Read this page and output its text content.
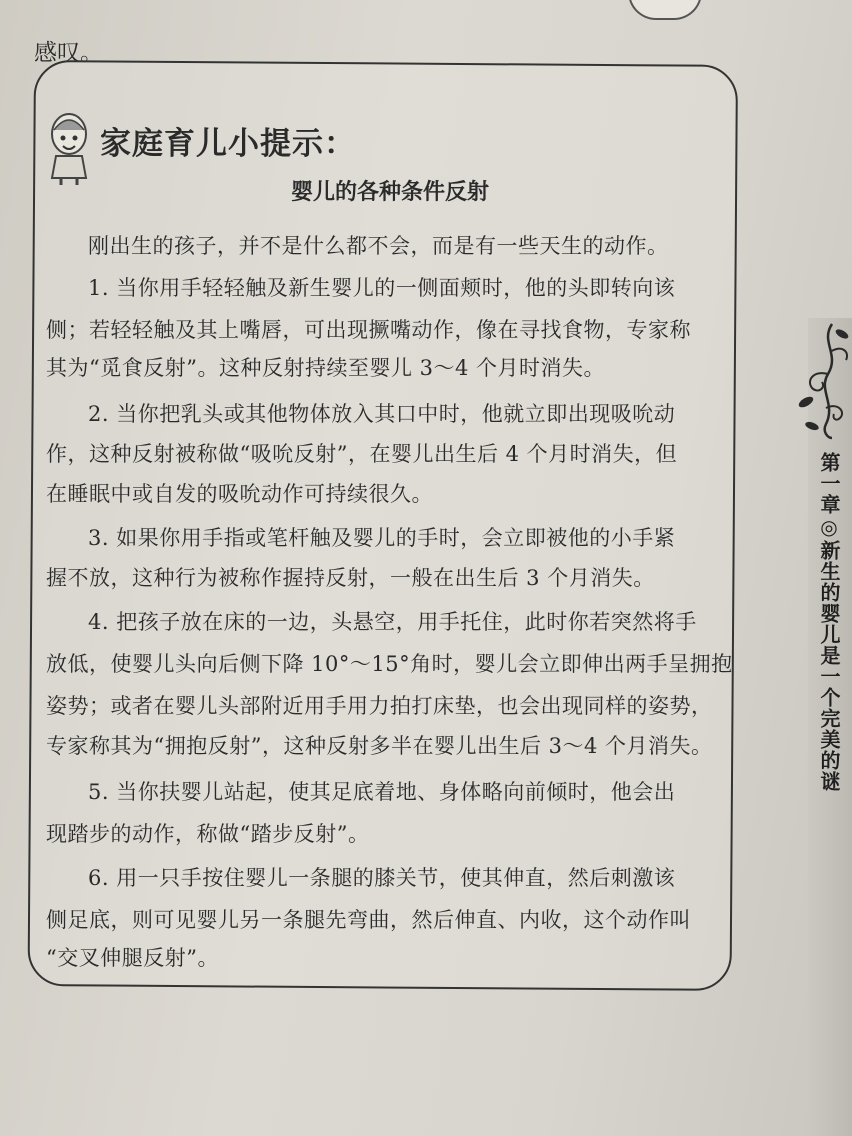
感叹。
家庭育儿小提示：
婴儿的各种条件反射
刚出生的孩子，并不是什么都不会，而是有一些天生的动作。
1. 当你用手轻轻触及新生婴儿的一侧面颊时，他的头即转向该
侧；若轻轻触及其上嘴唇，可出现撅嘴动作，像在寻找食物，专家称
其为“觅食反射”。这种反射持续至婴儿 3～4 个月时消失。
2. 当你把乳头或其他物体放入其口中时，他就立即出现吸吮动
作，这种反射被称做“吸吮反射”，在婴儿出生后 4 个月时消失，但
在睡眠中或自发的吸吮动作可持续很久。
3. 如果你用手指或笔杆触及婴儿的手时，会立即被他的小手紧
握不放，这种行为被称作握持反射，一般在出生后 3 个月消失。
4. 把孩子放在床的一边，头悬空，用手托住，此时你若突然将手
放低，使婴儿头向后侧下降 10°～15°角时，婴儿会立即伸出两手呈拥抱
姿势；或者在婴儿头部附近用手用力拍打床垫，也会出现同样的姿势，
专家称其为“拥抱反射”，这种反射多半在婴儿出生后 3～4 个月消失。
5. 当你扶婴儿站起，使其足底着地、身体略向前倾时，他会出
现踏步的动作，称做“踏步反射”。
6. 用一只手按住婴儿一条腿的膝关节，使其伸直，然后刺激该
侧足底，则可见婴儿另一条腿先弯曲，然后伸直、内收，这个动作叫
“交叉伸腿反射”。
第一章◎新生的婴儿是一个完美的谜
